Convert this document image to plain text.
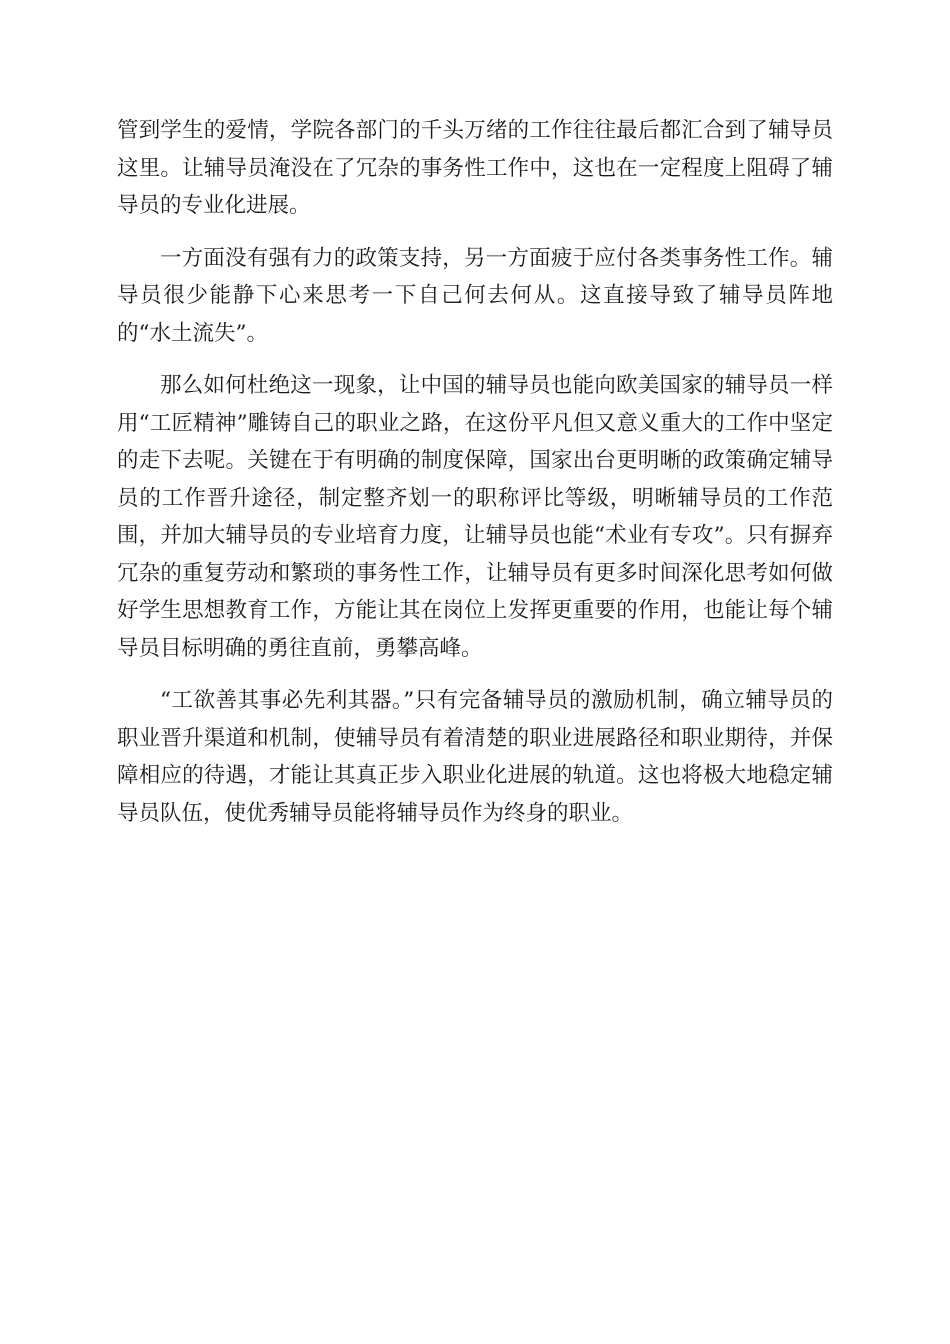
管到学生的爱情，学院各部门的千头万绪的工作往往最后都汇合到了辅导员这里。让辅导员淹没在了冗杂的事务性工作中，这也在一定程度上阻碍了辅导员的专业化进展。

一方面没有强有力的政策支持，另一方面疲于应付各类事务性工作。辅导员很少能静下心来思考一下自己何去何从。这直接导致了辅导员阵地的“水土流失”。

那么如何杜绝这一现象，让中国的辅导员也能向欧美国家的辅导员一样用“工匠精神”雕铸自己的职业之路，在这份平凡但又意义重大的工作中坚定的走下去呢。关键在于有明确的制度保障，国家出台更明晰的政策确定辅导员的工作晋升途径，制定整齐划一的职称评比等级，明晰辅导员的工作范围，并加大辅导员的专业培育力度，让辅导员也能“术业有专攻”。只有摒弃冗杂的重复劳动和繁琐的事务性工作，让辅导员有更多时间深化思考如何做好学生思想教育工作，方能让其在岗位上发挥更重要的作用，也能让每个辅导员目标明确的勇往直前，勇攀高峰。

“工欲善其事必先利其器。”只有完备辅导员的激励机制，确立辅导员的职业晋升渠道和机制，使辅导员有着清楚的职业进展路径和职业期待，并保障相应的待遇，才能让其真正步入职业化进展的轨道。这也将极大地稳定辅导员队伍，使优秀辅导员能将辅导员作为终身的职业。
